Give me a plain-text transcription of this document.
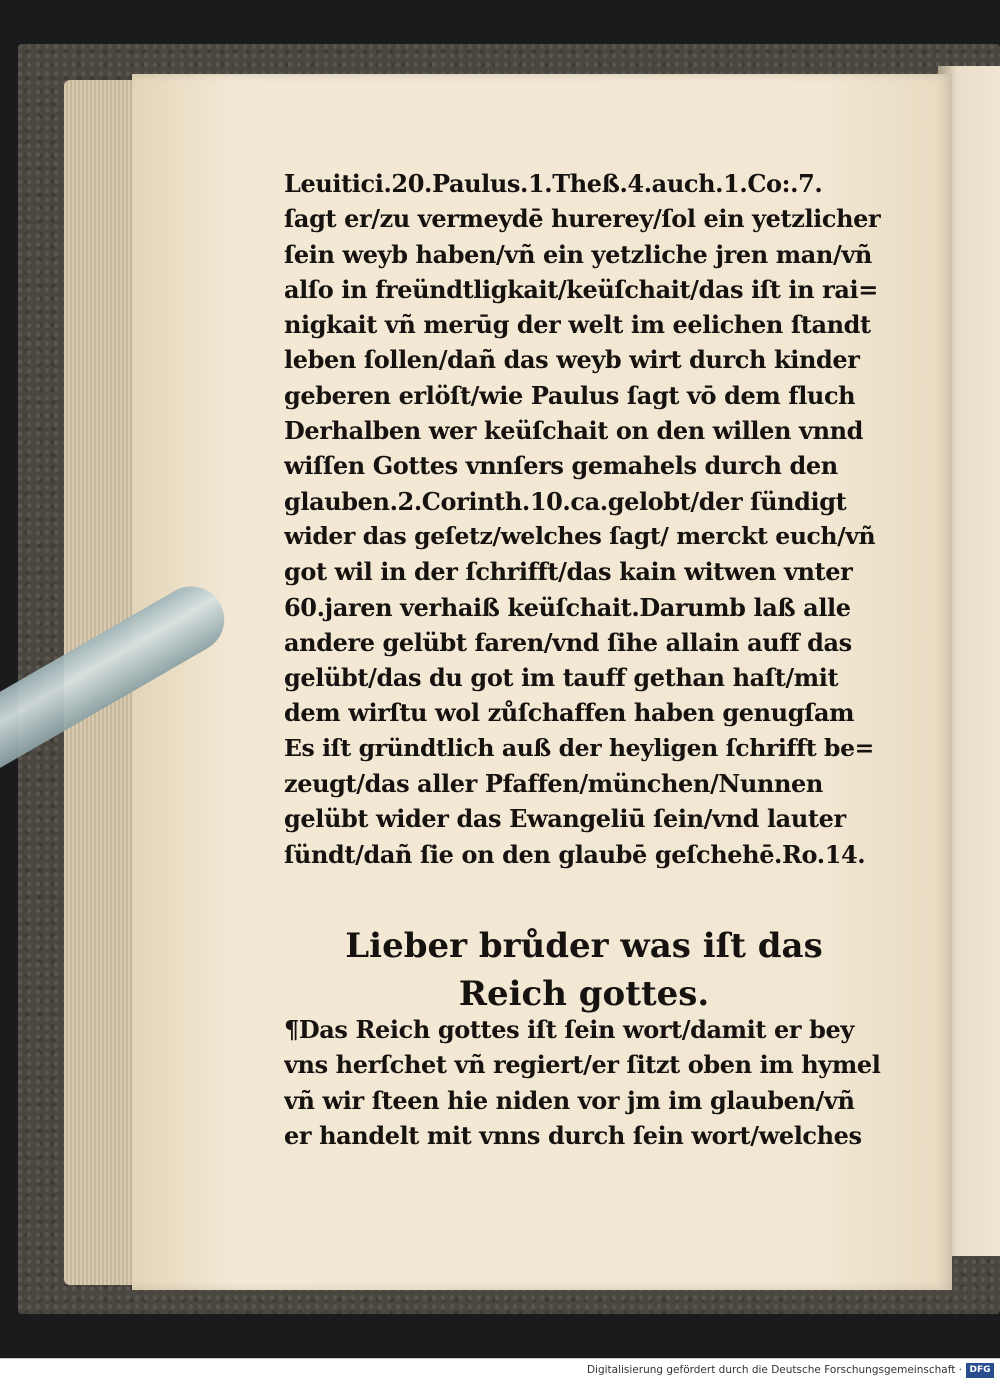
Leuitici.20.Paulus.1.Theß.4.auch.1.Co:.7.
ſagt er/zu vermeydē hurerey/ſol ein yetzlicher
ſein weyb haben/vñ ein yetzliche jren man/vñ
alſo in freündtligkait/keüſchait/das iſt in rai=
nigkait vñ merūg der welt im eelichen ſtandt
leben ſollen/dañ das weyb wirt durch kinder
geberen erlöſt/wie Paulus ſagt vō dem fluch
Derhalben wer keüſchait on den willen vnnd
wiſſen Gottes vnnſers gemahels durch den
glauben.2.Corinth.10.ca.gelobt/der ſündigt
wider das geſetz/welches ſagt/ merckt euch/vñ
got wil in der ſchrifft/das kain witwen vnter
60.jaren verhaiß keüſchait.Darumb laß alle
andere gelübt faren/vnd ſihe allain auff das
gelübt/das du got im tauff gethan haſt/mit
dem wirſtu wol zůſchaffen haben genugſam
Es iſt gründtlich auß der heyligen ſchrifft be=
zeugt/das aller Pfaffen/münchen/Nunnen
gelübt wider das Ewangeliū ſein/vnd lauter
ſündt/dañ ſie on den glaubē geſchehē.Ro.14.
Lieber brůder was iſt das
Reich gottes.
¶Das Reich gottes iſt ſein wort/damit er bey
vns herſchet vñ regiert/er ſitzt oben im hymel
vñ wir ſteen hie niden vor jm im glauben/vñ
er handelt mit vnns durch ſein wort/welches
Digitalisierung gefördert durch die Deutsche Forschungsgemeinschaft · DFG
